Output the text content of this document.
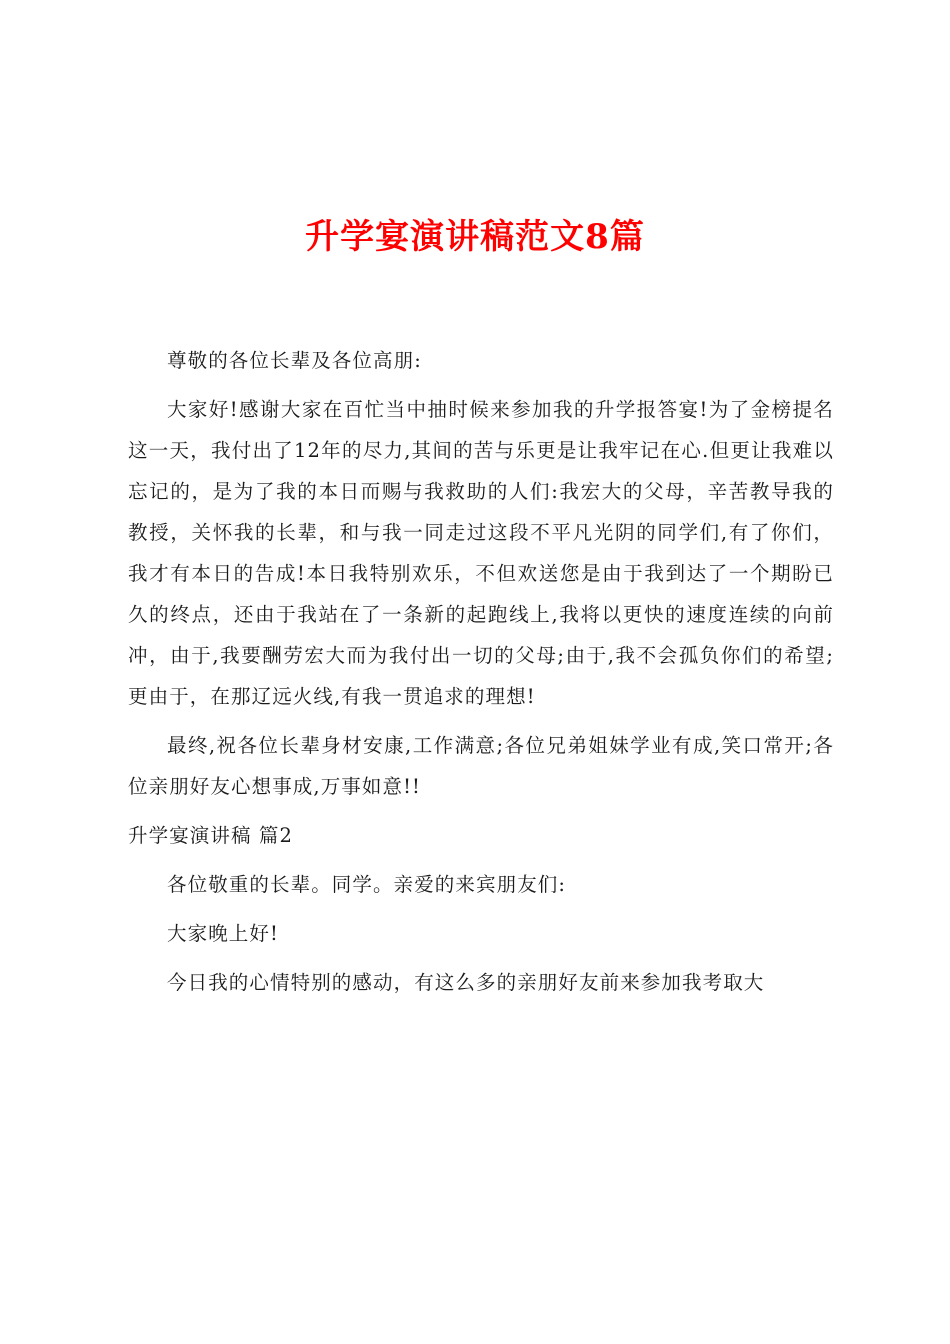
升学宴演讲稿范文8篇

尊敬的各位长辈及各位高朋:

大家好!感谢大家在百忙当中抽时候来参加我的升学报答宴!为了金榜提名这一天，我付出了12年的尽力,其间的苦与乐更是让我牢记在心.但更让我难以忘记的，是为了我的本日而赐与我救助的人们:我宏大的父母，辛苦教导我的教授，关怀我的长辈，和与我一同走过这段不平凡光阴的同学们,有了你们，我才有本日的告成!本日我特别欢乐，不但欢送您是由于我到达了一个期盼已久的终点，还由于我站在了一条新的起跑线上,我将以更快的速度连续的向前冲，由于,我要酬劳宏大而为我付出一切的父母;由于,我不会孤负你们的希望;更由于，在那辽远火线,有我一贯追求的理想!

最终,祝各位长辈身材安康,工作满意;各位兄弟姐妹学业有成,笑口常开;各位亲朋好友心想事成,万事如意!!

升学宴演讲稿 篇2

各位敬重的长辈。同学。亲爱的来宾朋友们:

大家晚上好!

今日我的心情特别的感动，有这么多的亲朋好友前来参加我考取大
